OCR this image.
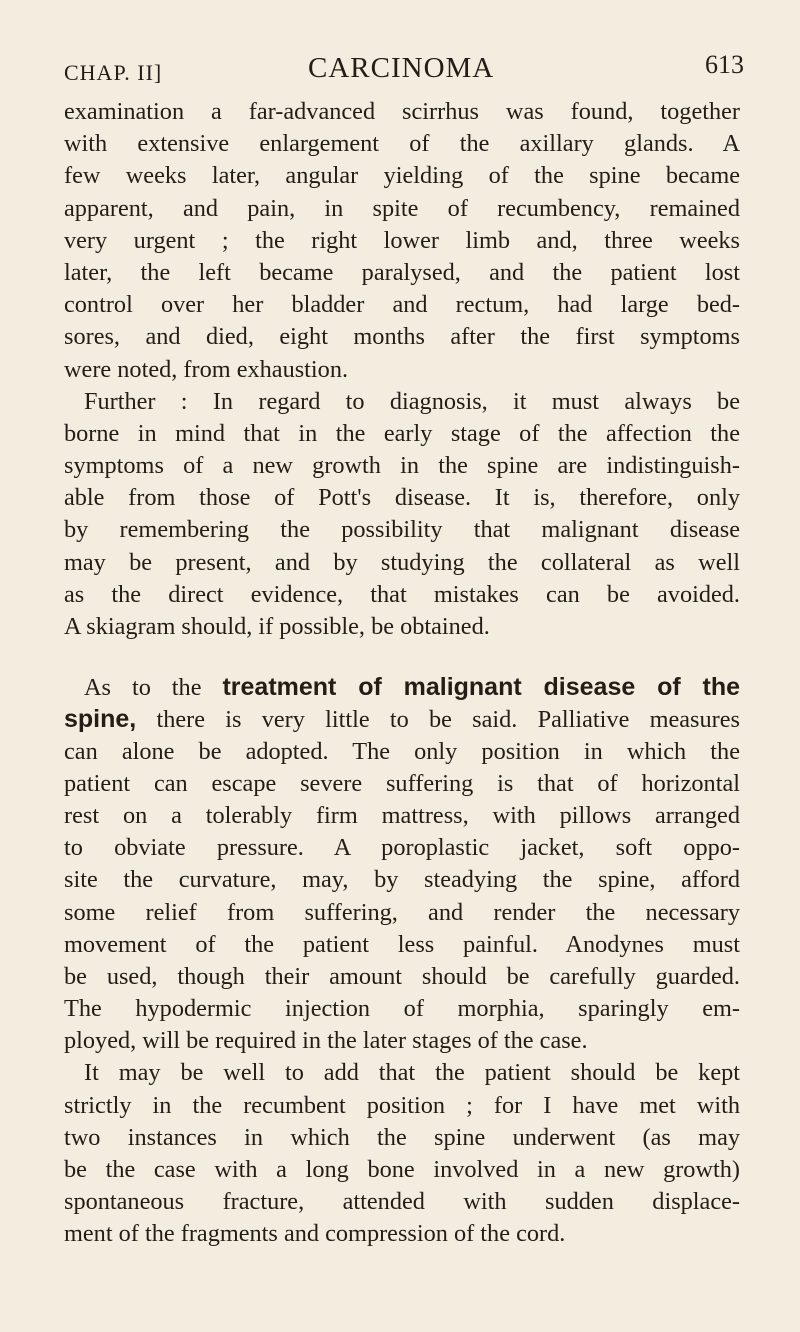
CHAP. II]	CARCINOMA	613
examination a far-advanced scirrhus was found, together
with extensive enlargement of the axillary glands. A
few weeks later, angular yielding of the spine became
apparent, and pain, in spite of recumbency, remained
very urgent ; the right lower limb and, three weeks
later, the left became paralysed, and the patient lost
control over her bladder and rectum, had large bed-
sores, and died, eight months after the first symptoms
were noted, from exhaustion.
Further : In regard to diagnosis, it must always be
borne in mind that in the early stage of the affection the
symptoms of a new growth in the spine are indistinguish-
able from those of Pott's disease. It is, therefore, only
by remembering the possibility that malignant disease
may be present, and by studying the collateral as well
as the direct evidence, that mistakes can be avoided.
A skiagram should, if possible, be obtained.
As to the treatment of malignant disease of the
spine, there is very little to be said. Palliative measures
can alone be adopted. The only position in which the
patient can escape severe suffering is that of horizontal
rest on a tolerably firm mattress, with pillows arranged
to obviate pressure. A poroplastic jacket, soft oppo-
site the curvature, may, by steadying the spine, afford
some relief from suffering, and render the necessary
movement of the patient less painful. Anodynes must
be used, though their amount should be carefully guarded.
The hypodermic injection of morphia, sparingly em-
ployed, will be required in the later stages of the case.
It may be well to add that the patient should be kept
strictly in the recumbent position ; for I have met with
two instances in which the spine underwent (as may
be the case with a long bone involved in a new growth)
spontaneous fracture, attended with sudden displace-
ment of the fragments and compression of the cord.
